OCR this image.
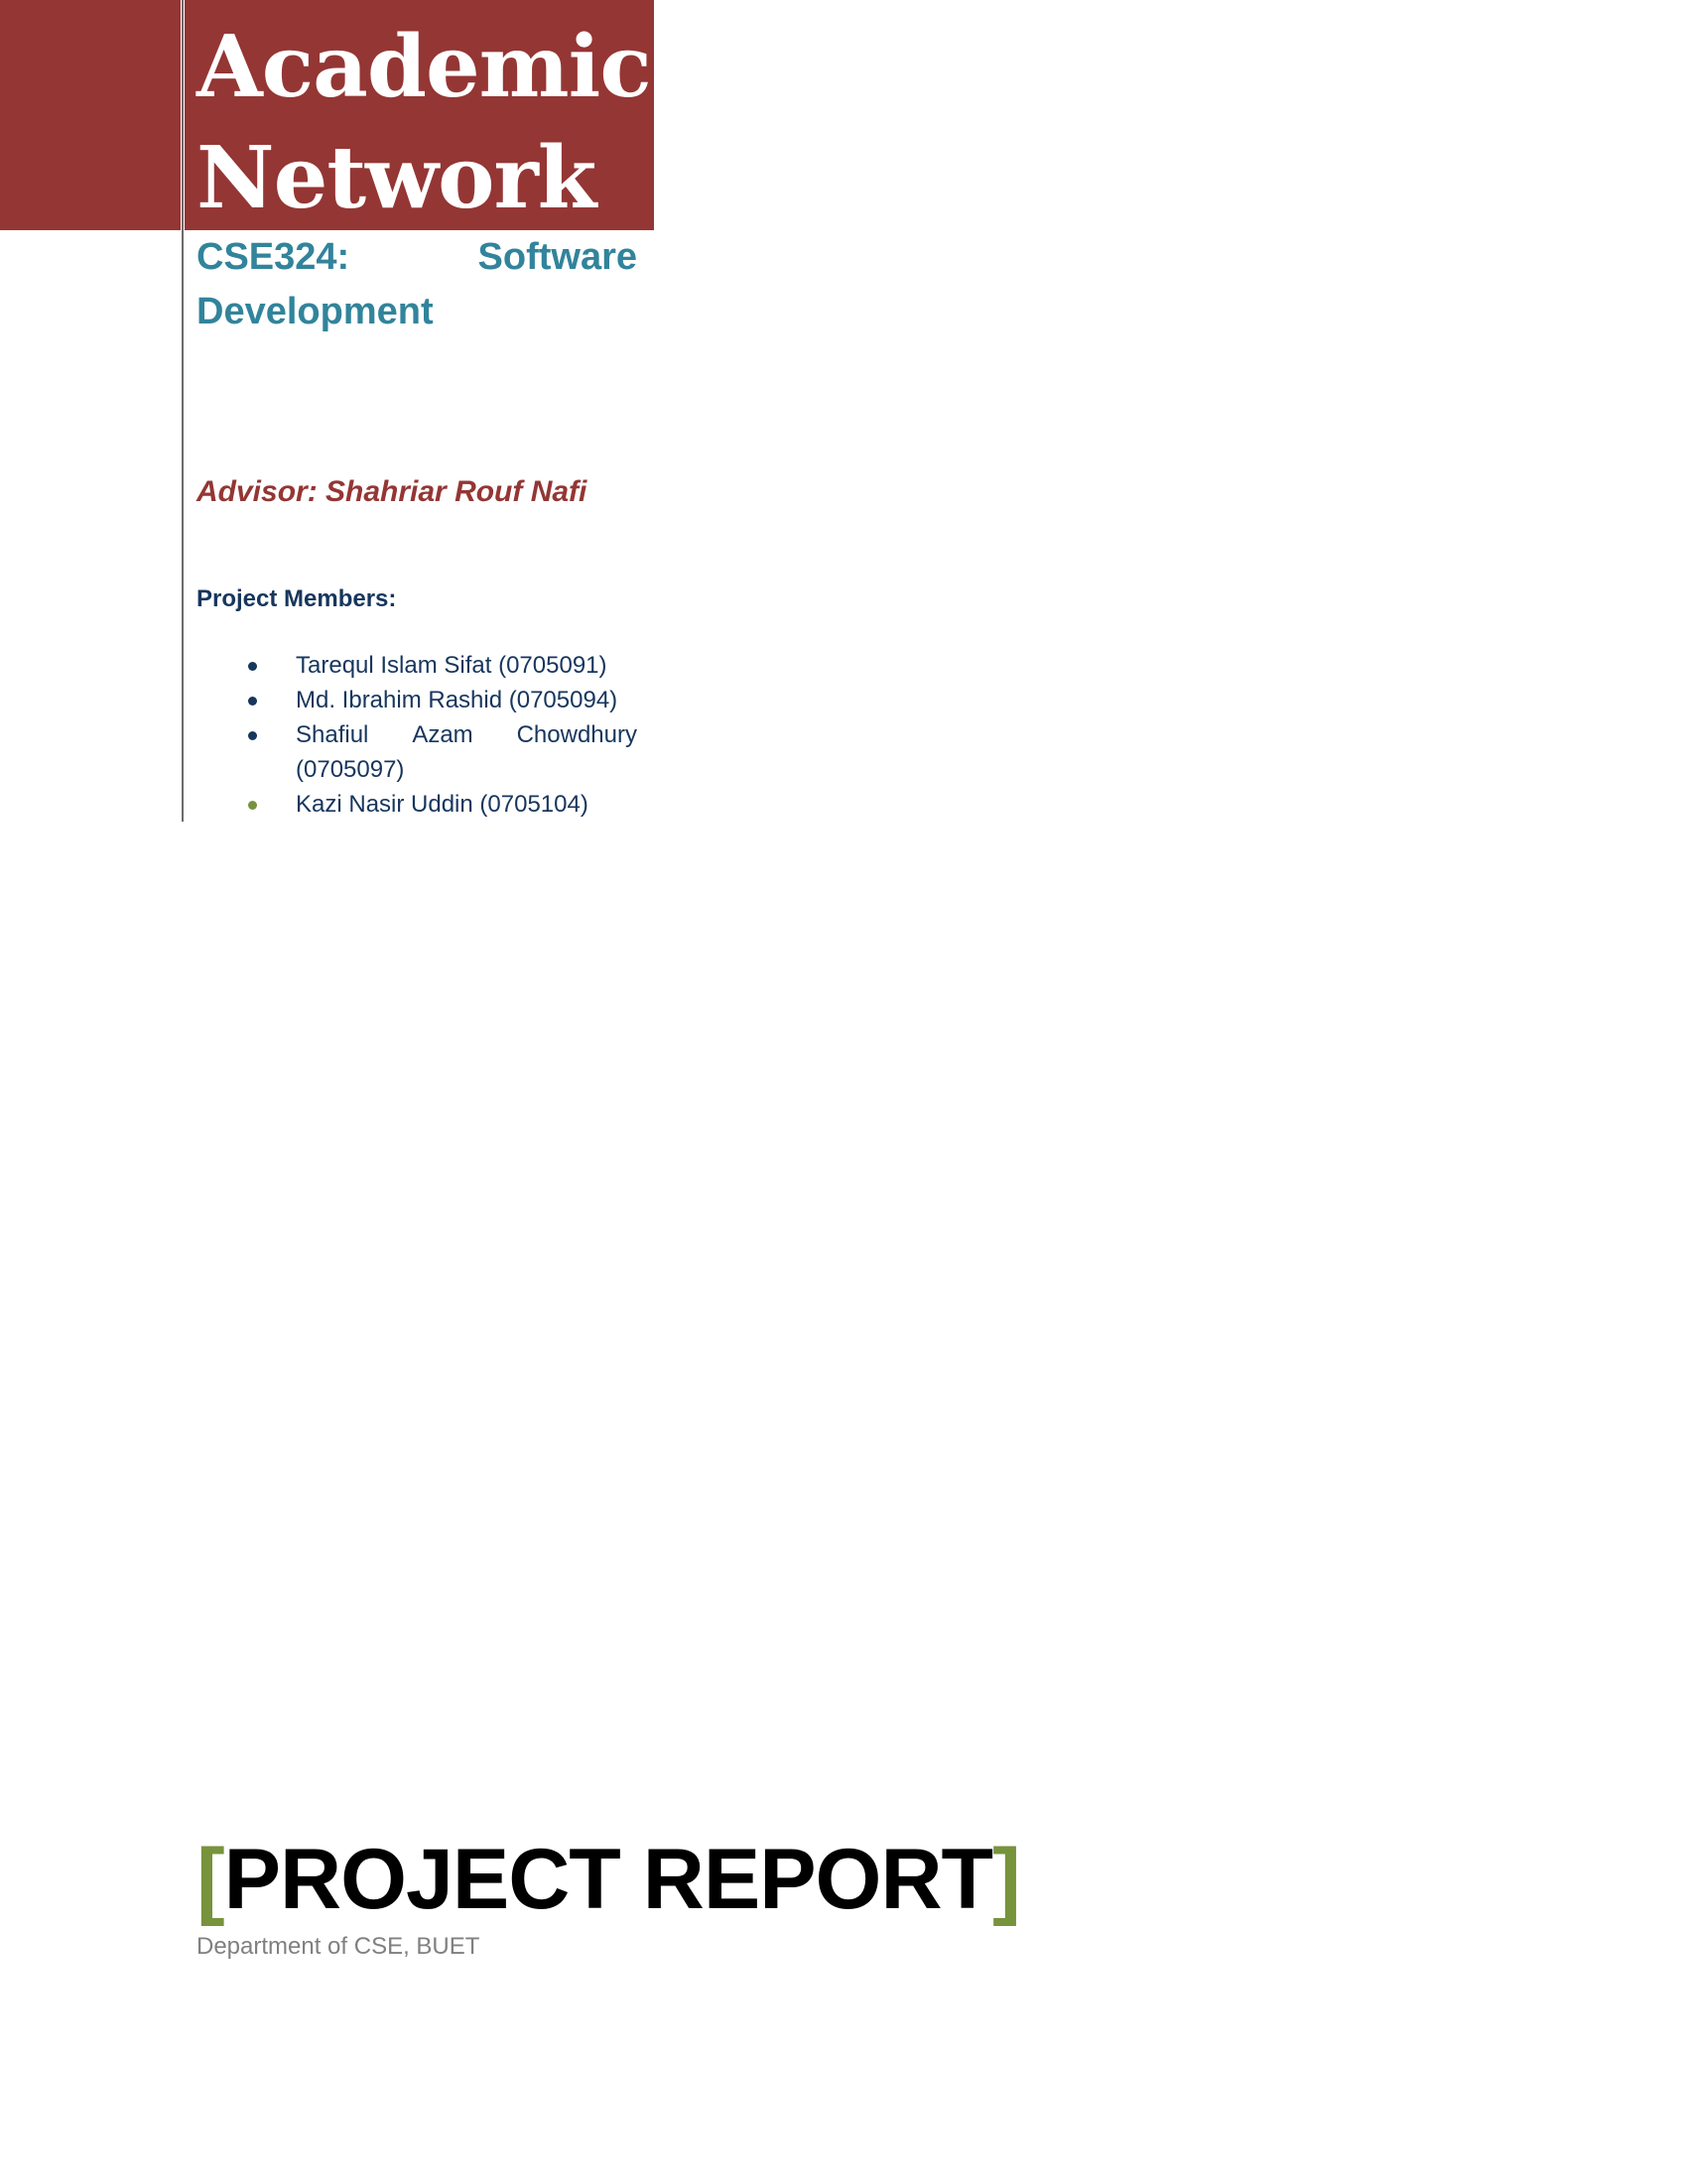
Academic
Network
CSE324:	Software
Development

Advisor: Shahriar Rouf Nafi

Project Members:

Tarequl Islam Sifat (0705091)
Md. Ibrahim Rashid (0705094)
Shafiul Azam Chowdhury
(0705097)
Kazi Nasir Uddin (0705104)
[PROJECT REPORT]

Department of CSE, BUET
